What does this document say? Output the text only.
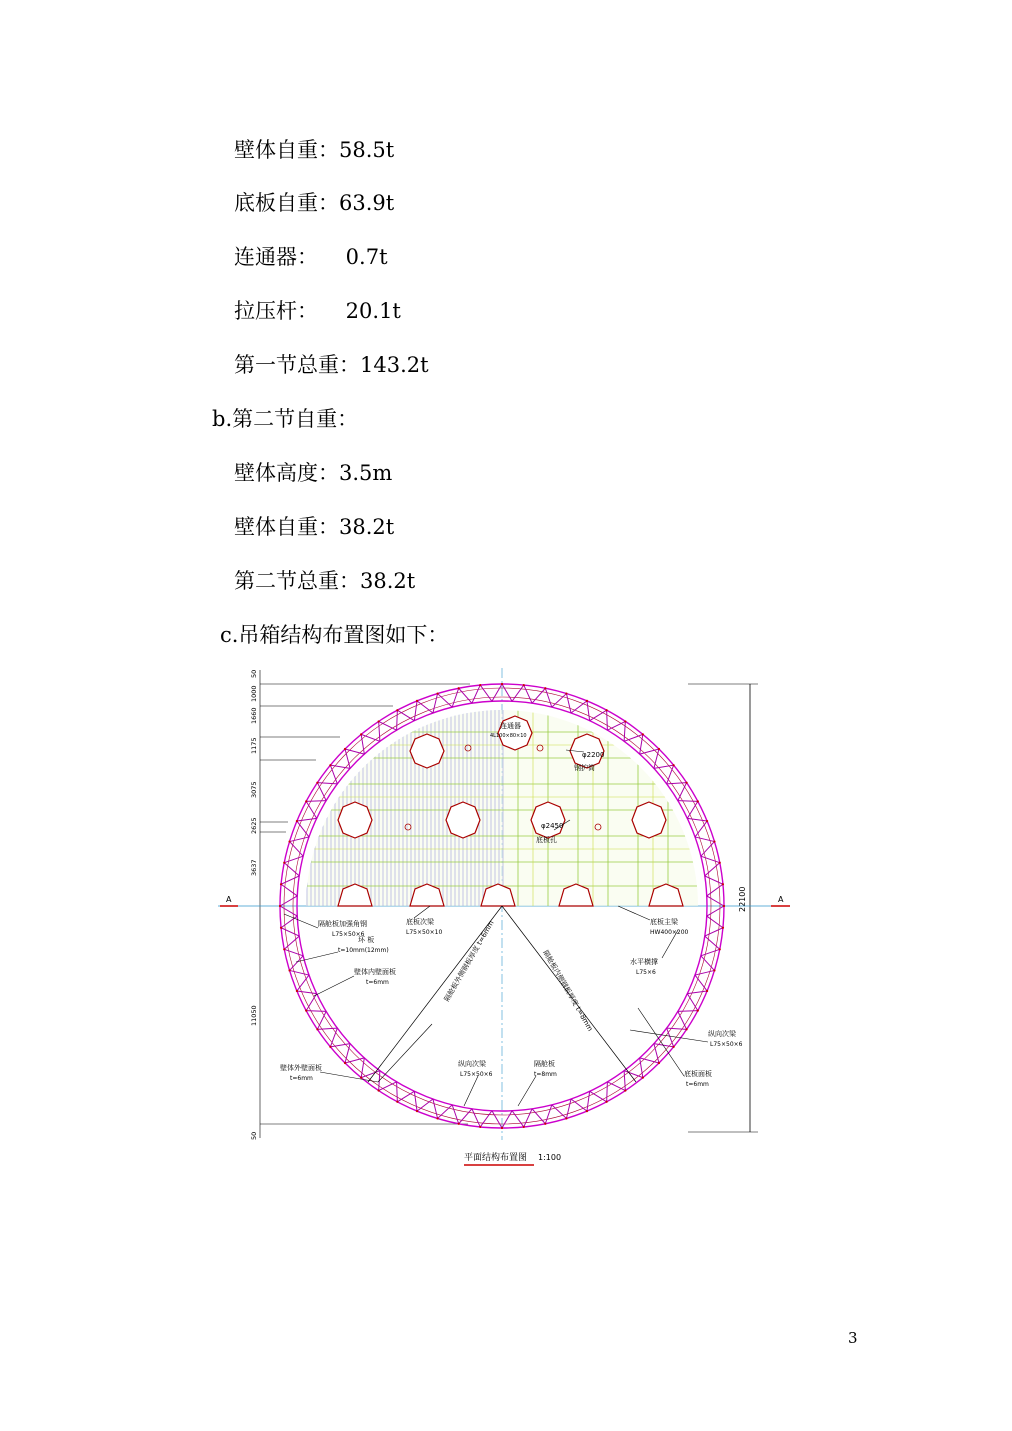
壁体自重：58.5t
底板自重：63.9t
连通器：  0.7t
拉压杆：  20.1t
第一节总重：143.2t
b.第二节自重：
壁体高度：3.5m
壁体自重：38.2t
第二节总重：38.2t
c.吊箱结构布置图如下：
22100
50
1000
1660
1175
3075
2625
3637
11050
50
A	A
隔舱板外侧钢板厚度 t=6mm	隔舱板内侧钢板厚度 t=8mm
连通器
4L100×80×10
φ2200
钢护筒
φ2450
底板孔
隔舱板加强角钢
L75×50×6
环 板
t=10mm(12mm)
壁体内壁面板
t=6mm
底板次梁
L75×50×10
底板主梁
HW400×200
水平横撑
L75×6
纵向次梁
L75×50×6
壁体外壁面板
t=6mm
纵向次梁
L75×50×6
隔舱板
t=8mm	底板面板
t=6mm
平面结构布置图 1:100
3
